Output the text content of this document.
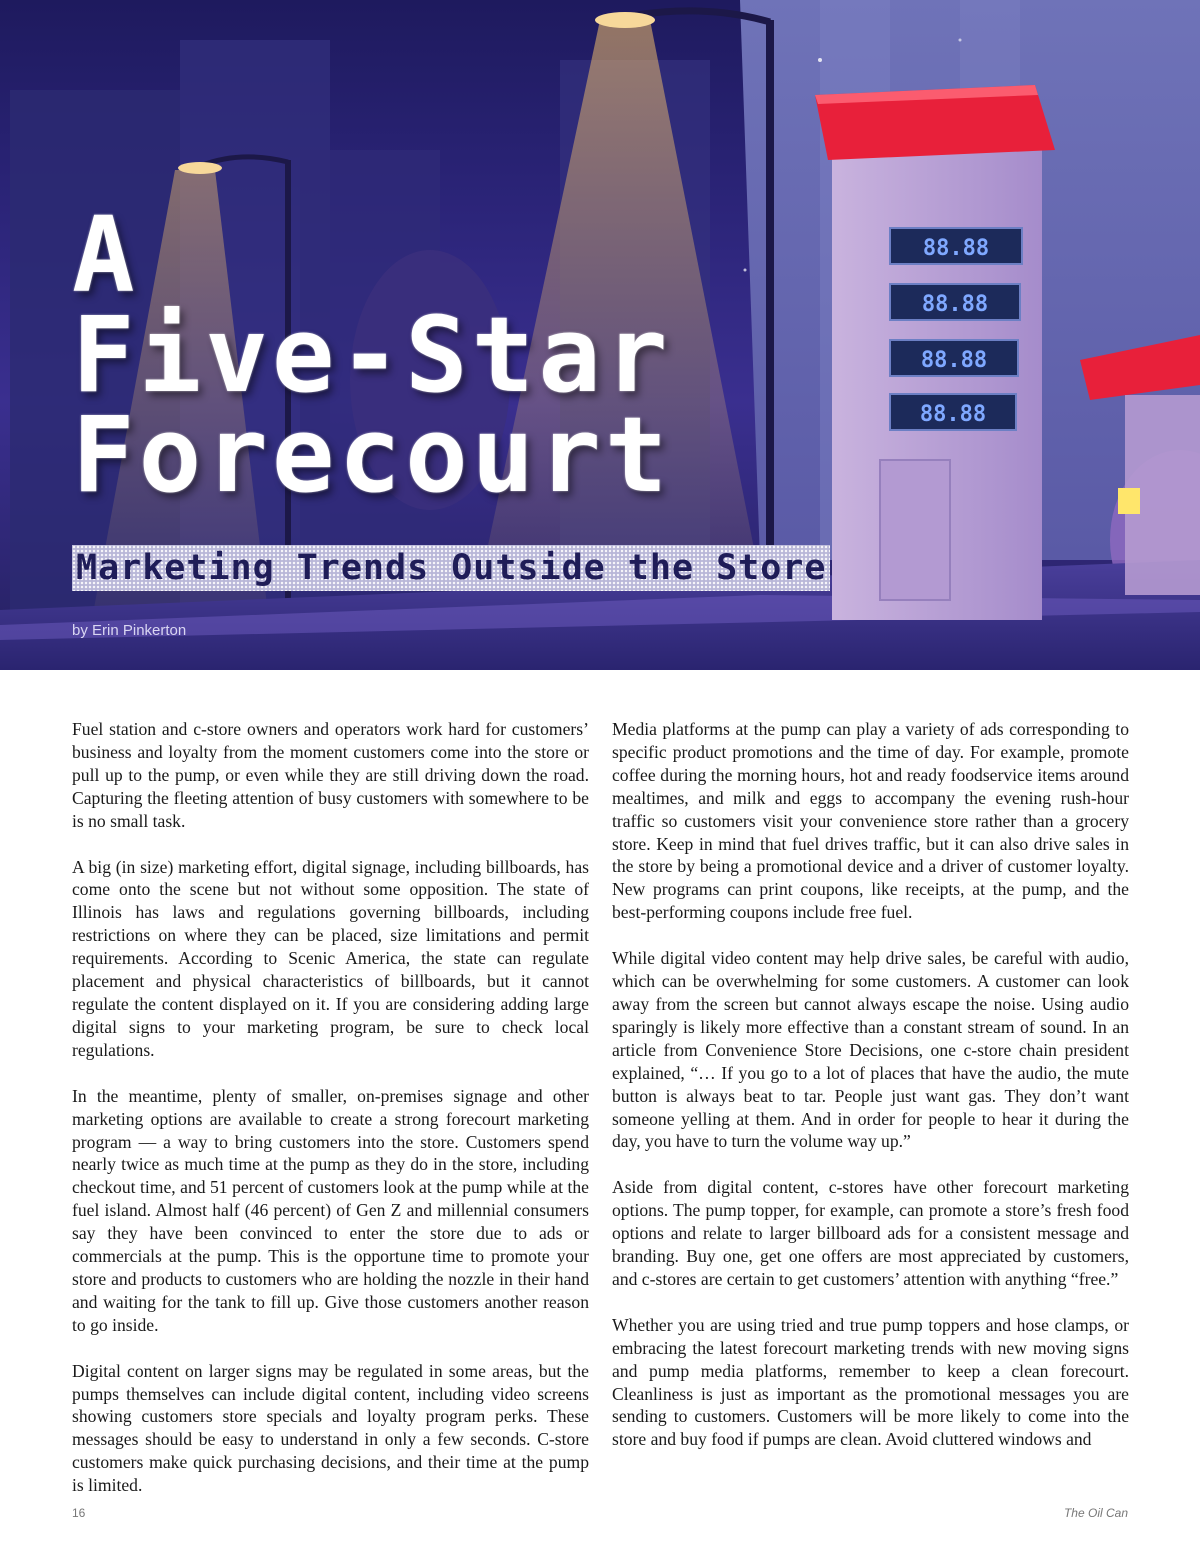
88.88
88.88
88.88
88.88
A
Five-Star
Forecourt
Marketing Trends Outside the Store
by Erin Pinkerton

Fuel station and c-store owners and operators work hard for customers’ business and loyalty from the moment customers come into the store or pull up to the pump, or even while they are still driving down the road. Capturing the fleeting attention of busy customers with somewhere to be is no small task.

A big (in size) marketing effort, digital signage, including billboards, has come onto the scene but not without some opposition. The state of Illinois has laws and regulations governing billboards, including restrictions on where they can be placed, size limitations and permit requirements. According to Scenic America, the state can regulate placement and physical characteristics of billboards, but it cannot regulate the content displayed on it. If you are considering adding large digital signs to your marketing program, be sure to check local regulations.

In the meantime, plenty of smaller, on-premises signage and other marketing options are available to create a strong forecourt marketing program — a way to bring customers into the store. Customers spend nearly twice as much time at the pump as they do in the store, including checkout time, and 51 percent of customers look at the pump while at the fuel island. Almost half (46 percent) of Gen Z and millennial consumers say they have been convinced to enter the store due to ads or commercials at the pump. This is the opportune time to promote your store and products to customers who are holding the nozzle in their hand and waiting for the tank to fill up. Give those customers another reason to go inside.

Digital content on larger signs may be regulated in some areas, but the pumps themselves can include digital content, including video screens showing customers store specials and loyalty program perks. These messages should be easy to understand in only a few seconds. C-store customers make quick purchasing decisions, and their time at the pump is limited.

Media platforms at the pump can play a variety of ads corresponding to specific product promotions and the time of day. For example, promote coffee during the morning hours, hot and ready foodservice items around mealtimes, and milk and eggs to accompany the evening rush-hour traffic so customers visit your convenience store rather than a grocery store. Keep in mind that fuel drives traffic, but it can also drive sales in the store by being a promotional device and a driver of customer loyalty. New programs can print coupons, like receipts, at the pump, and the best-performing coupons include free fuel.

While digital video content may help drive sales, be careful with audio, which can be overwhelming for some customers. A customer can look away from the screen but cannot always escape the noise. Using audio sparingly is likely more effective than a constant stream of sound. In an article from Convenience Store Decisions, one c-store chain president explained, “… If you go to a lot of places that have the audio, the mute button is always beat to tar. People just want gas. They don’t want someone yelling at them. And in order for people to hear it during the day, you have to turn the volume way up.”

Aside from digital content, c-stores have other forecourt marketing options. The pump topper, for example, can promote a store’s fresh food options and relate to larger billboard ads for a consistent message and branding. Buy one, get one offers are most appreciated by customers, and c-stores are certain to get customers’ attention with anything “free.”

Whether you are using tried and true pump toppers and hose clamps, or embracing the latest forecourt marketing trends with new moving signs and pump media platforms, remember to keep a clean forecourt. Cleanliness is just as important as the promotional messages you are sending to customers. Customers will be more likely to come into the store and buy food if pumps are clean. Avoid cluttered windows and

16	The Oil Can
